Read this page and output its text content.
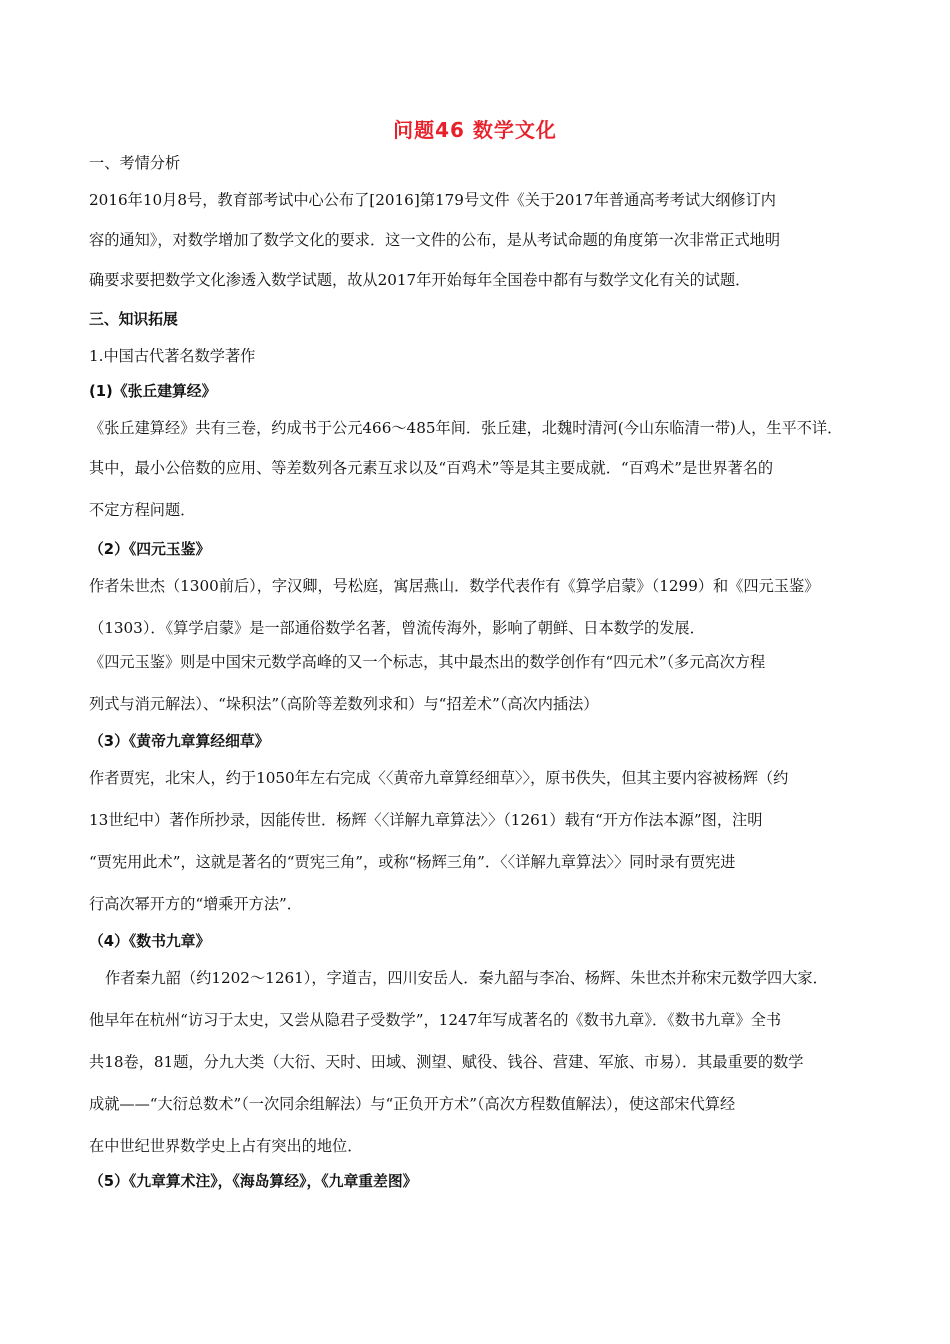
问题46 数学文化
一、考情分析
2016年10月8号，教育部考试中心公布了[2016]第179号文件《关于2017年普通高考考试大纲修订内
容的通知》，对数学增加了数学文化的要求．这一文件的公布，是从考试命题的角度第一次非常正式地明
确要求要把数学文化渗透入数学试题，故从2017年开始每年全国卷中都有与数学文化有关的试题．
三、知识拓展
1.中国古代著名数学著作
(1)《张丘建算经》
《张丘建算经》共有三卷，约成书于公元466～485年间．张丘建，北魏时清河(今山东临清一带)人，生平不详．
其中，最小公倍数的应用、等差数列各元素互求以及“百鸡术”等是其主要成就．“百鸡术”是世界著名的
不定方程问题．
（2）《四元玉鉴》
作者朱世杰（1300前后），字汉卿，号松庭，寓居燕山．数学代表作有《算学启蒙》（1299）和《四元玉鉴》
（1303）．《算学启蒙》是一部通俗数学名著，曾流传海外，影响了朝鲜、日本数学的发展．
《四元玉鉴》则是中国宋元数学高峰的又一个标志，其中最杰出的数学创作有“四元术”（多元高次方程
列式与消元解法）、“垛积法”（高阶等差数列求和）与“招差术”（高次内插法）
（3）《黄帝九章算经细草》
作者贾宪，北宋人，约于1050年左右完成〈〈黄帝九章算经细草〉〉，原书佚失，但其主要内容被杨辉（约
13世纪中）著作所抄录，因能传世．杨辉〈〈详解九章算法〉〉（1261）载有“开方作法本源”图，注明
“贾宪用此术”，这就是著名的“贾宪三角”，或称“杨辉三角”．〈〈详解九章算法〉〉同时录有贾宪进
行高次幂开方的“增乘开方法”．
（4）《数书九章》
作者秦九韶（约1202～1261），字道吉，四川安岳人．秦九韶与李冶、杨辉、朱世杰并称宋元数学四大家．
他早年在杭州“访习于太史，又尝从隐君子受数学”，1247年写成著名的《数书九章》．《数书九章》全书
共18卷，81题，分九大类（大衍、天时、田域、测望、赋役、钱谷、营建、军旅、市易）．其最重要的数学
成就——“大衍总数术”（一次同余组解法）与“正负开方术”（高次方程数值解法），使这部宋代算经
在中世纪世界数学史上占有突出的地位．
（5）《九章算术注》，《海岛算经》，《九章重差图》
